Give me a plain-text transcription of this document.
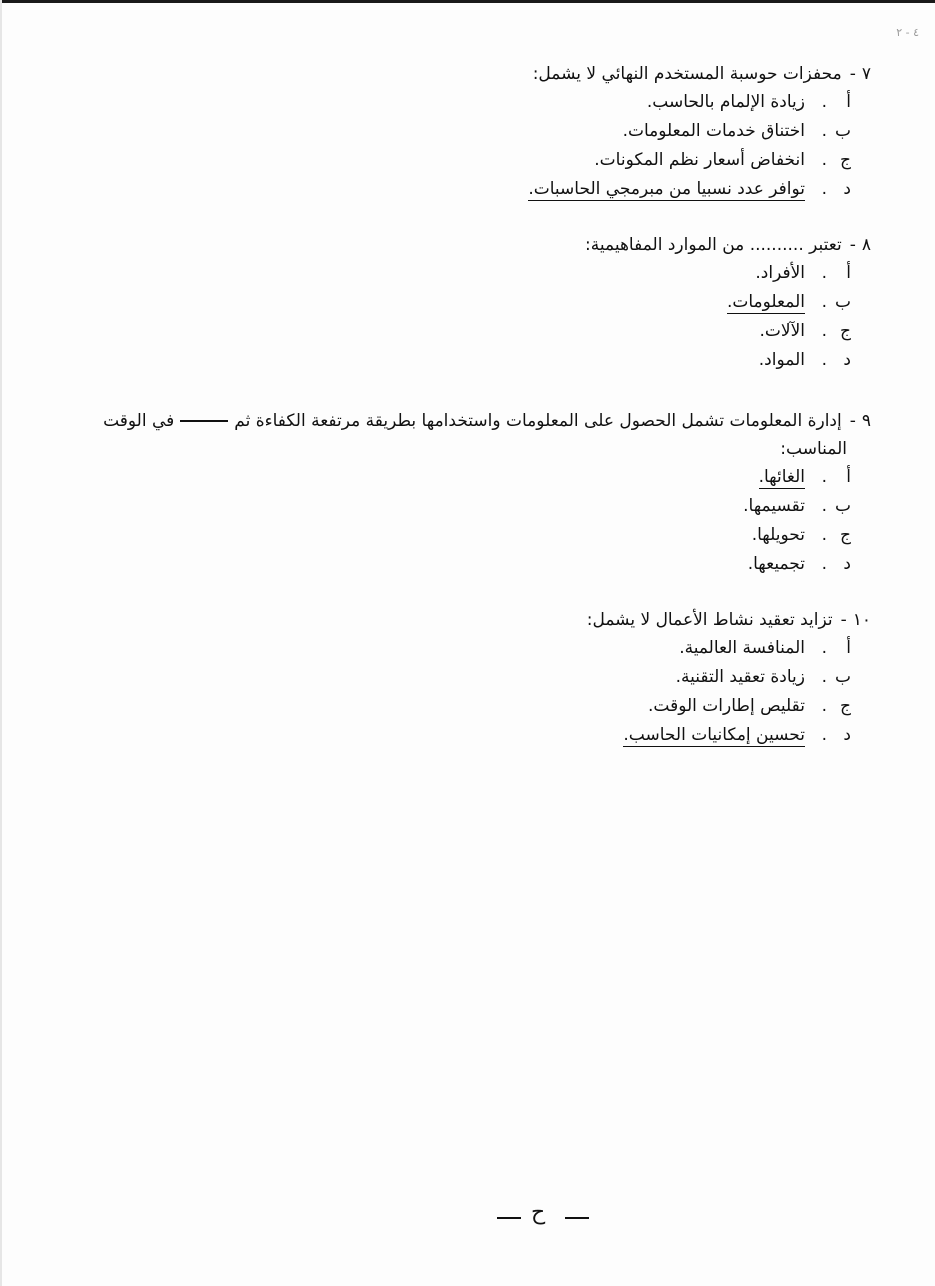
٤ - ٢
٧-محفزات حوسبة المستخدم النهائي لا يشمل:
أ.زيادة الإلمام بالحاسب.
ب.اختناق خدمات المعلومات.
ج.انخفاض أسعار نظم المكونات.
د.توافر عدد نسبيا من مبرمجي الحاسبات.
٨-تعتبر .......... من الموارد المفاهيمية:
أ.الأفراد.
ب.المعلومات.
ج.الآلات.
د.المواد.
٩-إدارة المعلومات تشمل الحصول على المعلومات واستخدامها بطريقة مرتفعة الكفاءة ثمفي الوقت
المناسب:
أ.الغائها.
ب.تقسيمها.
ج.تحويلها.
د.تجميعها.
١٠-تزايد تعقيد نشاط الأعمال لا يشمل:
أ.المنافسة العالمية.
ب.زيادة تعقيد التقنية.
ج.تقليص إطارات الوقت.
د.تحسين إمكانيات الحاسب.
ح
